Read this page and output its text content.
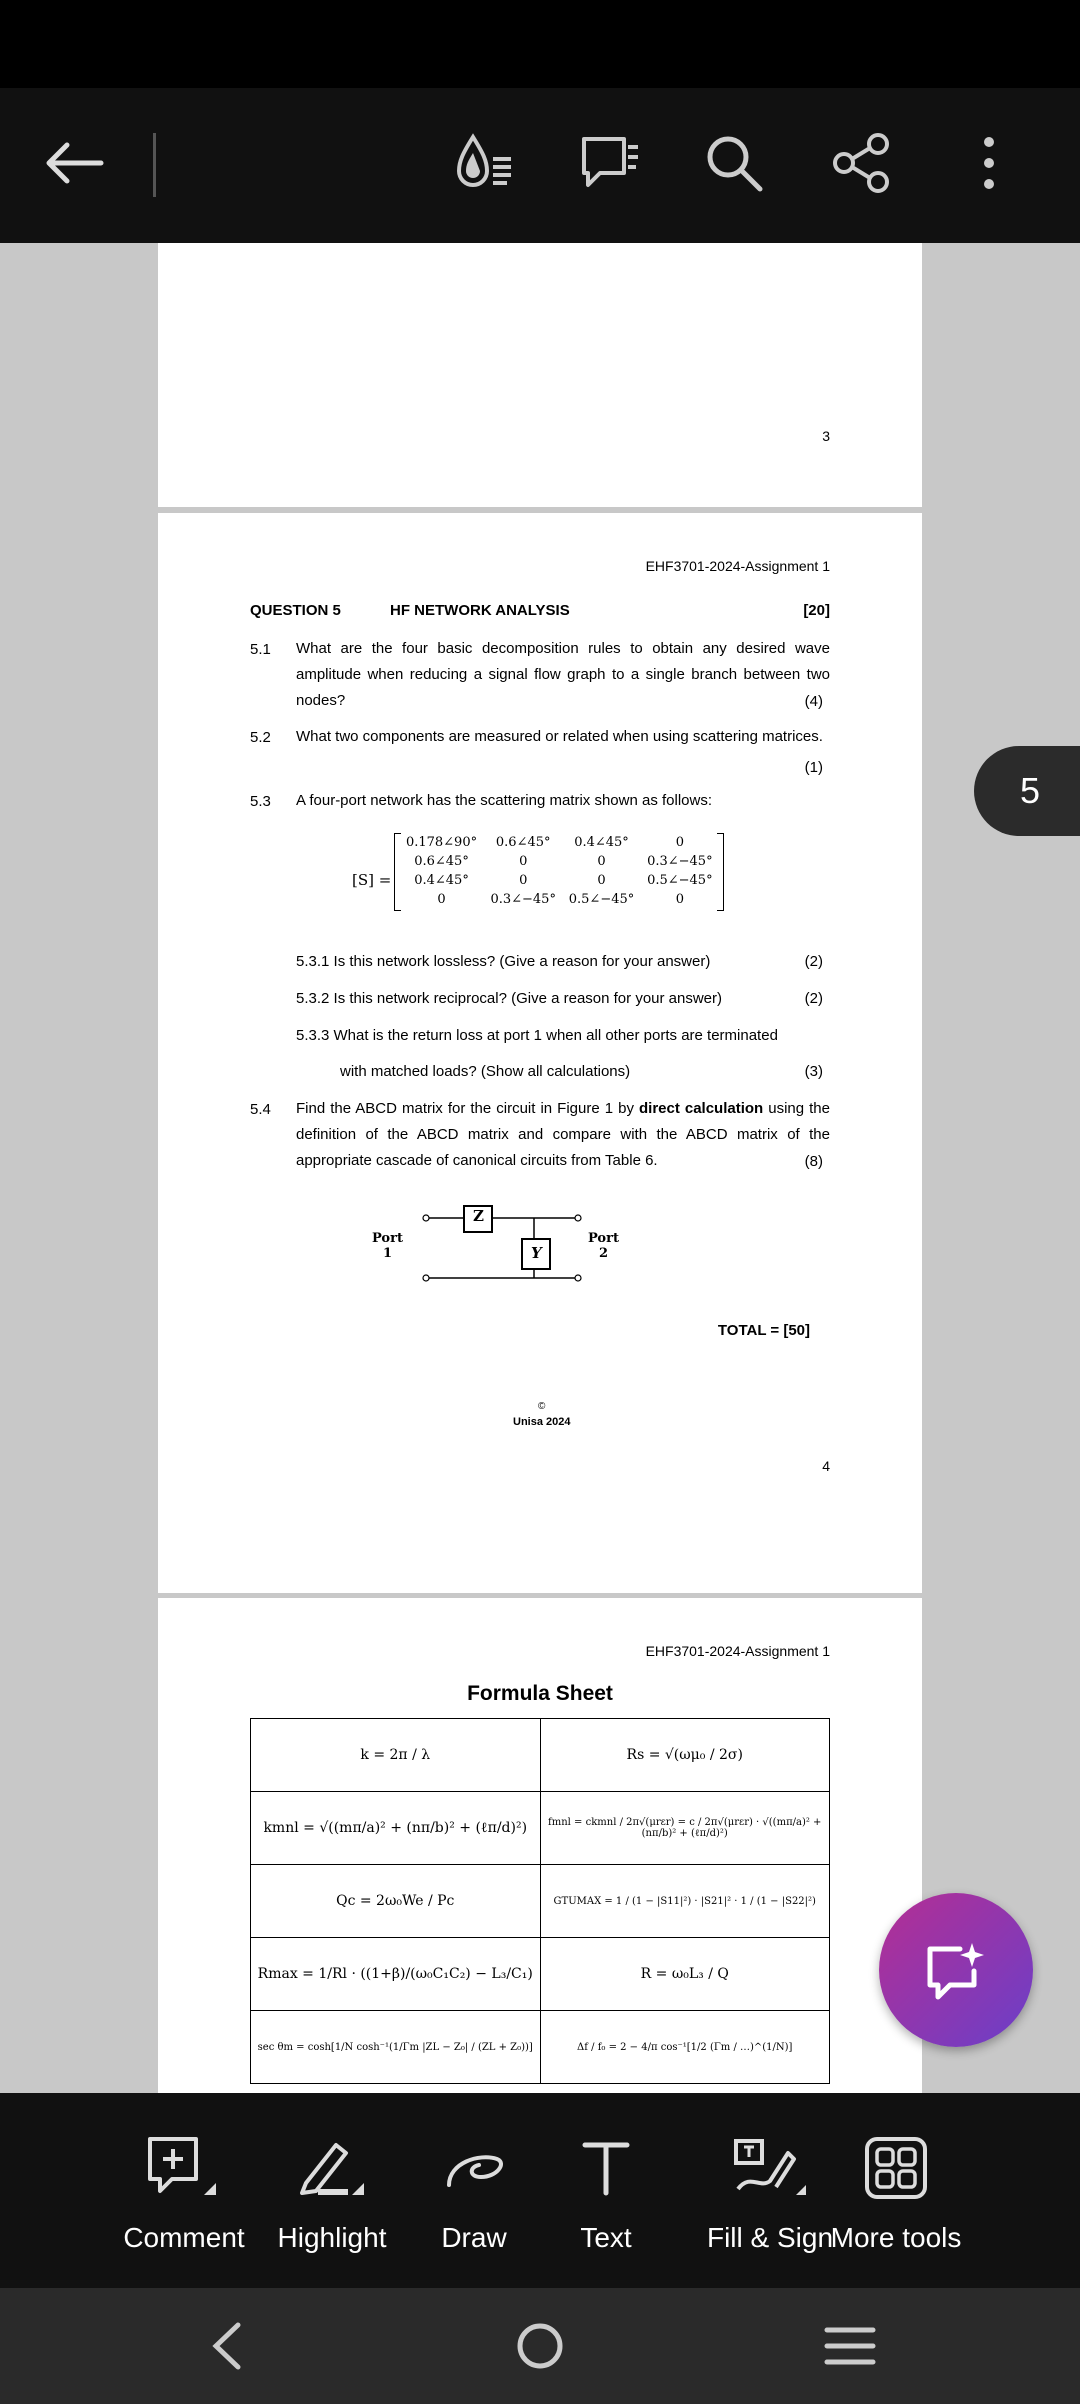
3
EHF3701-2024-Assignment 1
QUESTION 5	HF NETWORK ANALYSIS	[20]
5.1 What are the four basic decomposition rules to obtain any desired wave amplitude when reducing a signal flow graph to a single branch between two nodes?	(4)
5.2 What two components are measured or related when using scattering matrices.
(1)
5.3 A four-port network has the scattering matrix shown as follows:
[S] =
0.178∠90°	0.6∠45°	0.4∠45°	0
0.6∠45°	0	0	0.3∠−45°
0.4∠45°	0	0	0.5∠−45°
0	0.3∠−45°	0.5∠−45°	0
5.3.1 Is this network lossless? (Give a reason for your answer)	(2)
5.3.2 Is this network reciprocal? (Give a reason for your answer)	(2)
5.3.3 What is the return loss at port 1 when all other ports are terminated
with matched loads? (Show all calculations)	(3)
5.4 Find the ABCD matrix for the circuit in Figure 1 by direct calculation using the definition of the ABCD matrix and compare with the ABCD matrix of the appropriate cascade of canonical circuits from Table 6.	(8)
Z
Y
Port
1
Port
2
TOTAL = [50]
©
Unisa 2024
4
EHF3701-2024-Assignment 1
Formula Sheet
k = 2π / λ	Rs = √(ωμ₀ / 2σ)
kmnl = √((mπ/a)² + (nπ/b)² + (ℓπ/d)²)	fmnl = ckmnl / 2π√(μrεr) = c / 2π√(μrεr) · √((mπ/a)² + (nπ/b)² + (ℓπ/d)²)
Qc = 2ω₀We / Pc	GTUMAX = 1 / (1 − |S11|²) · |S21|² · 1 / (1 − |S22|²)
Rmax = 1/Rl · ((1+β)/(ω₀C₁C₂) − L₃/C₁)	R = ω₀L₃ / Q
sec θm = cosh[1/N cosh⁻¹(1/Γm |ZL − Z₀| / (ZL + Z₀))]	Δf / f₀ = 2 − 4/π cos⁻¹[1/2 (Γm / …)^(1/N)]
5
Comment	Highlight	Draw	Text	Fill & Sign
More tools
